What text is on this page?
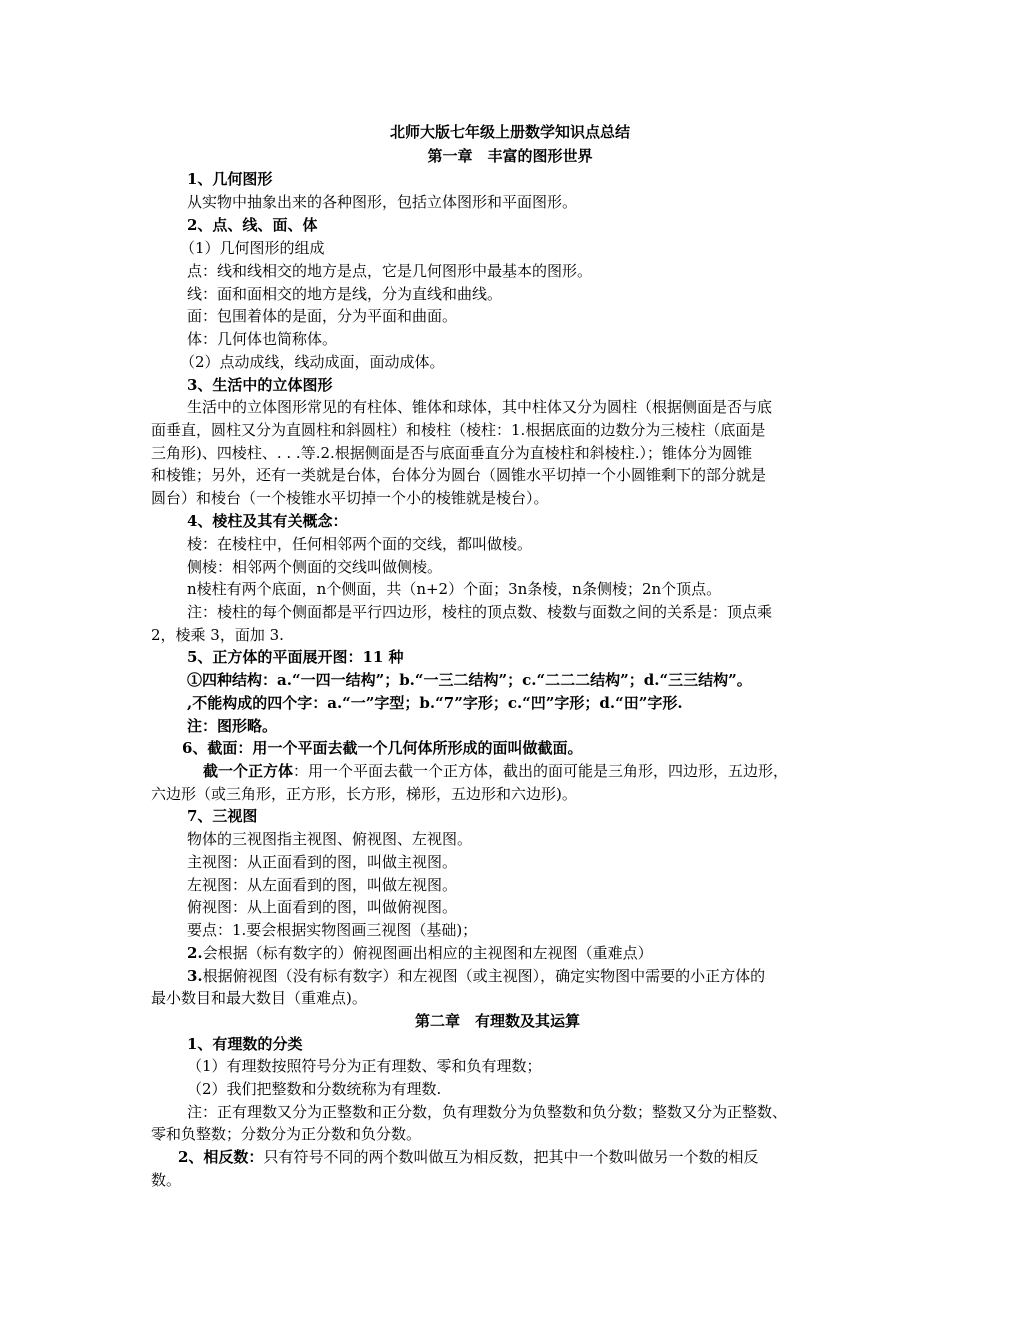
北师大版七年级上册数学知识点总结
第一章　丰富的图形世界
1、几何图形
从实物中抽象出来的各种图形，包括立体图形和平面图形。
2、点、线、面、体
（1）几何图形的组成
点：线和线相交的地方是点，它是几何图形中最基本的图形。
线：面和面相交的地方是线，分为直线和曲线。
面：包围着体的是面，分为平面和曲面。
体：几何体也简称体。
（2）点动成线，线动成面，面动成体。
3、生活中的立体图形
生活中的立体图形常见的有柱体、锥体和球体，其中柱体又分为圆柱（根据侧面是否与底
面垂直，圆柱又分为直圆柱和斜圆柱）和棱柱（棱柱：1.根据底面的边数分为三棱柱（底面是
三角形)、四棱柱、. . .等.2.根据侧面是否与底面垂直分为直棱柱和斜棱柱.）；锥体分为圆锥
和棱锥；另外，还有一类就是台体，台体分为圆台（圆锥水平切掉一个小圆锥剩下的部分就是
圆台）和棱台（一个棱锥水平切掉一个小的棱锥就是棱台）。
4、棱柱及其有关概念：
棱：在棱柱中，任何相邻两个面的交线，都叫做棱。
侧棱：相邻两个侧面的交线叫做侧棱。
n棱柱有两个底面，n个侧面，共（n+2）个面；3n条棱，n条侧棱；2n个顶点。
注：棱柱的每个侧面都是平行四边形，棱柱的顶点数、棱数与面数之间的关系是：顶点乘
2，棱乘 3，面加 3.
5、正方体的平面展开图：11 种
①四种结构：a.“一四一结构”；b.“一三二结构”；c.“二二二结构”；d.“三三结构”。
,不能构成的四个字：a.“一”字型；b.“7”字形；c.“凹”字形；d.“田”字形.
注：图形略。
6、截面：用一个平面去截一个几何体所形成的面叫做截面。
截一个正方体：用一个平面去截一个正方体，截出的面可能是三角形，四边形，五边形，
六边形（或三角形，正方形，长方形，梯形，五边形和六边形)。
7、三视图
物体的三视图指主视图、俯视图、左视图。
主视图：从正面看到的图，叫做主视图。
左视图：从左面看到的图，叫做左视图。
俯视图：从上面看到的图，叫做俯视图。
要点：1.要会根据实物图画三视图（基础)；
2.会根据（标有数字的）俯视图画出相应的主视图和左视图（重难点）
3.根据俯视图（没有标有数字）和左视图（或主视图），确定实物图中需要的小正方体的
最小数目和最大数目（重难点)。
第二章　有理数及其运算
1、有理数的分类
（1）有理数按照符号分为正有理数、零和负有理数；
（2）我们把整数和分数统称为有理数.
注：正有理数又分为正整数和正分数，负有理数分为负整数和负分数；整数又分为正整数、
零和负整数；分数分为正分数和负分数。
2、相反数：只有符号不同的两个数叫做互为相反数，把其中一个数叫做另一个数的相反
数。
